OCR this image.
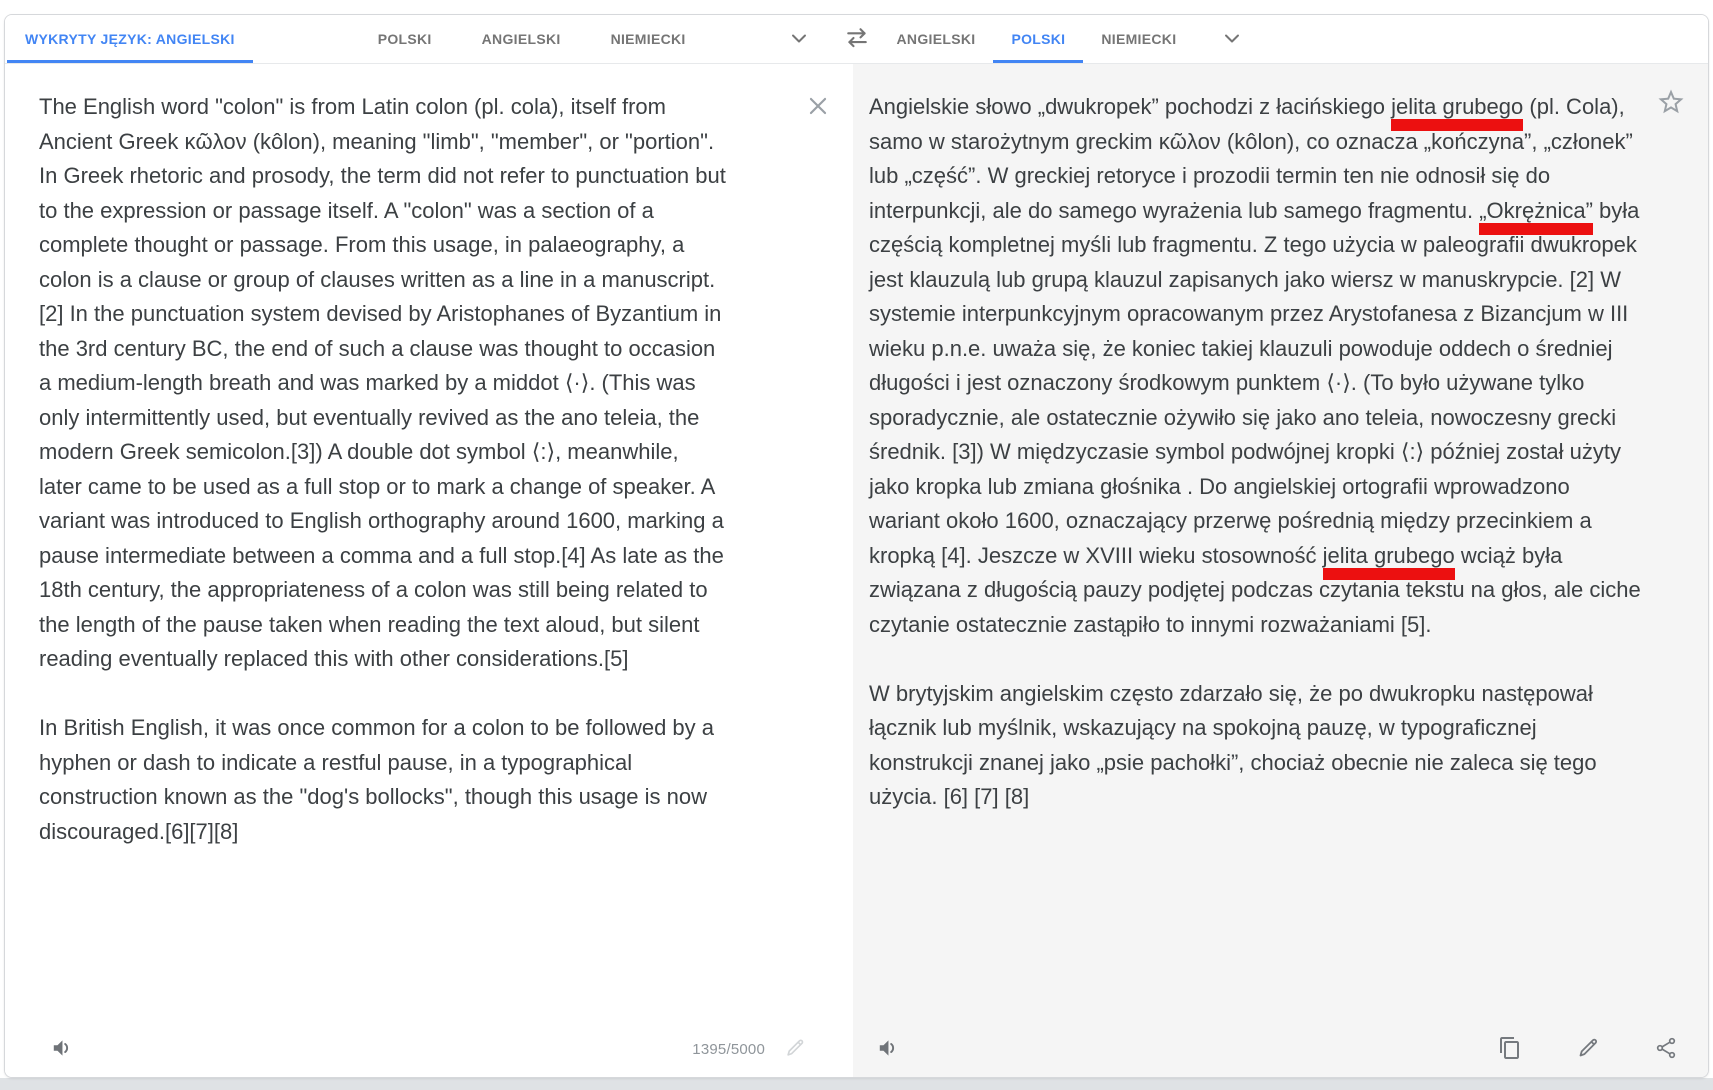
WYKRYTY JĘZYK: ANGIELSKI	POLSKI	ANGIELSKI	NIEMIECKI	ANGIELSKI	POLSKI	NIEMIECKI

The English word "colon" is from Latin colon (pl. cola), itself from Ancient Greek κῶλον (kôlon), meaning "limb", "member", or "portion". In Greek rhetoric and prosody, the term did not refer to punctuation but to the expression or passage itself. A "colon" was a section of a complete thought or passage. From this usage, in palaeography, a colon is a clause or group of clauses written as a line in a manuscript.[2] In the punctuation system devised by Aristophanes of Byzantium in the 3rd century BC, the end of such a clause was thought to occasion a medium-length breath and was marked by a middot ⟨·⟩. (This was only intermittently used, but eventually revived as the ano teleia, the modern Greek semicolon.[3]) A double dot symbol ⟨:⟩, meanwhile, later came to be used as a full stop or to mark a change of speaker. A variant was introduced to English orthography around 1600, marking a pause intermediate between a comma and a full stop.[4] As late as the 18th century, the appropriateness of a colon was still being related to the length of the pause taken when reading the text aloud, but silent reading eventually replaced this with other considerations.[5]

In British English, it was once common for a colon to be followed by a hyphen or dash to indicate a restful pause, in a typographical construction known as the "dog's bollocks", though this usage is now discouraged.[6][7][8]

1395/5000

Angielskie słowo „dwukropek” pochodzi z łacińskiego jelita grubego (pl. Cola), samo w starożytnym greckim κῶλον (kôlon), co oznacza „kończyna”, „członek” lub „część”. W greckiej retoryce i prozodii termin ten nie odnosił się do interpunkcji, ale do samego wyrażenia lub samego fragmentu. „Okrężnica” była częścią kompletnej myśli lub fragmentu. Z tego użycia w paleografii dwukropek jest klauzulą lub grupą klauzul zapisanych jako wiersz w manuskrypcie. [2] W systemie interpunkcyjnym opracowanym przez Arystofanesa z Bizancjum w III wieku p.n.e. uważa się, że koniec takiej klauzuli powoduje oddech o średniej długości i jest oznaczony środkowym punktem ⟨·⟩. (To było używane tylko sporadycznie, ale ostatecznie ożywiło się jako ano teleia, nowoczesny grecki średnik. [3]) W międzyczasie symbol podwójnej kropki ⟨:⟩ później został użyty jako kropka lub zmiana głośnika . Do angielskiej ortografii wprowadzono wariant około 1600, oznaczający przerwę pośrednią między przecinkiem a kropką [4]. Jeszcze w XVIII wieku stosowność jelita grubego wciąż była związana z długością pauzy podjętej podczas czytania tekstu na głos, ale ciche czytanie ostatecznie zastąpiło to innymi rozważaniami [5].

W brytyjskim angielskim często zdarzało się, że po dwukropku następował łącznik lub myślnik, wskazujący na spokojną pauzę, w typograficznej konstrukcji znanej jako „psie pachołki”, chociaż obecnie nie zaleca się tego użycia. [6] [7] [8]
